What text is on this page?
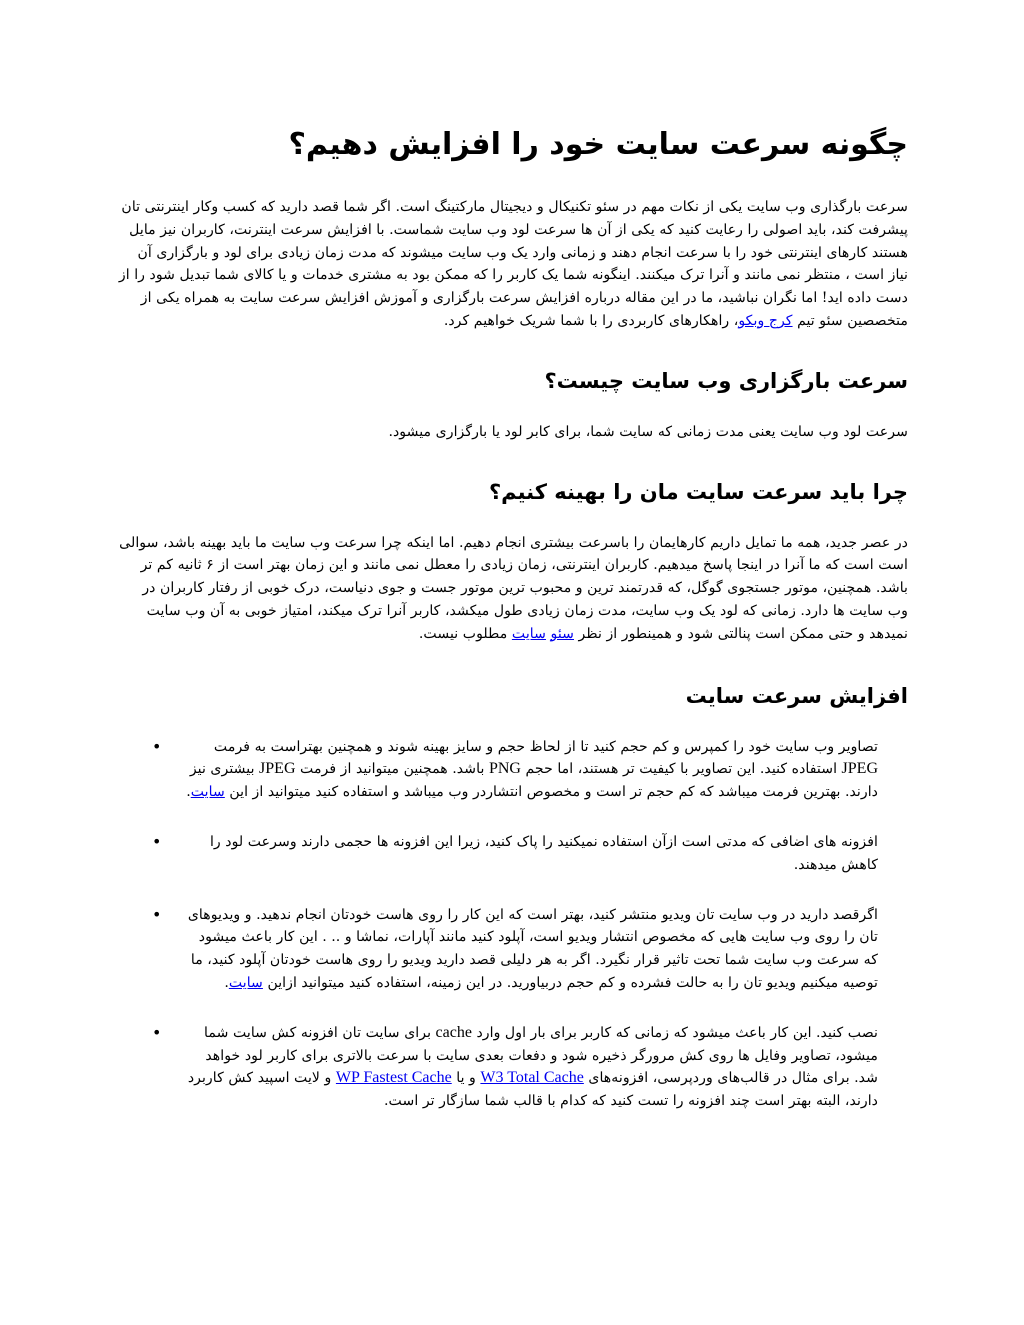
چگونه سرعت سایت خود را افزایش دهیم؟

سرعت بارگذاری وب سایت یکی از نکات مهم در سئو تکنیکال و دیجیتال مارکتینگ است. اگر شما قصد دارید که کسب وکار اینترنتی تان پیشرفت کند، باید اصولی را رعایت کنید که یکی از آن ها سرعت لود وب سایت شماست. با افزایش سرعت اینترنت، کاربران نیز مایل هستند کارهای اینترنتی خود را با سرعت انجام دهند و زمانی وارد یک وب سایت میشوند که مدت زمان زیادی برای لود و بارگزاری آن نیاز است ، منتظر نمی مانند و آنرا ترک میکنند. اینگونه شما یک کاربر را که ممکن بود به مشتری خدمات و یا کالای شما تبدیل شود را از دست داده اید! اما نگران نباشید، ما در این مقاله درباره افزایش سرعت بارگزاری و آموزش افزایش سرعت سایت به همراه یکی از متخصصین سئو تیم کرج وبکو، راهکارهای کاربردی را با شما شریک خواهیم کرد.

سرعت بارگزاری وب سایت چیست؟

سرعت لود وب سایت یعنی مدت زمانی که سایت شما، برای کابر لود یا بارگزاری میشود.

چرا باید سرعت سایت مان را بهینه کنیم؟

در عصر جدید، همه ما تمایل داریم کارهایمان را باسرعت بیشتری انجام دهیم. اما اینکه چرا سرعت وب سایت ما باید بهینه باشد، سوالی است است که ما آنرا در اینجا پاسخ میدهیم. کاربران اینترنتی، زمان زیادی را معطل نمی مانند و این زمان بهتر است از ۶ ثانیه کم تر باشد. همچنین، موتور جستجوی گوگل، که قدرتمند ترین و محبوب ترین موتور جست و جوی دنیاست، درک خوبی از رفتار کاربران در وب سایت ها دارد. زمانی که لود یک وب سایت، مدت زمان زیادی طول میکشد، کاربر آنرا ترک میکند، امتیاز خوبی به آن وب سایت نمیدهد و حتی ممکن است پنالتی شود و همینطور از نظر سئو سایت مطلوب نیست.

افزایش سرعت سایت
•	تصاویر وب سایت خود را کمپرس و کم حجم کنید تا از لحاظ حجم و سایز بهینه شوند و همچنین بهتراست به فرمت JPEG استفاده کنید. این تصاویر با کیفیت تر هستند، اما حجم PNG باشد. همچنین میتوانید از فرمت JPEG بیشتری نیز دارند. بهترین فرمت میباشد که کم حجم تر است و مخصوص انتشاردر وب میباشد و استفاده کنید میتوانید از این سایت.

•	افزونه های اضافی که مدتی است ازآن استفاده نمیکنید را پاک کنید، زیرا این افزونه ها حجمی دارند وسرعت لود را کاهش میدهند.

•	اگرقصد دارید در وب سایت تان ویدیو منتشر کنید، بهتر است که این کار را روی هاست خودتان انجام ندهید. و ویدیوهای تان را روی وب سایت هایی که مخصوص انتشار ویدیو است، آپلود کنید مانند آپارات، نماشا و .. . این کار باعث میشود که سرعت وب سایت شما تحت تاثیر قرار نگیرد. اگر به هر دلیلی قصد دارید ویدیو را روی هاست خودتان آپلود کنید، ما توصیه میکنیم ویدیو تان را به حالت فشرده و کم حجم دربیاورید. در این زمینه، استفاده کنید میتوانید ازاین سایت.

•	نصب کنید. این کار باعث میشود که زمانی که کاربر برای بار اول وارد cache برای سایت تان افزونه کش سایت شما میشود، تصاویر وفایل ها روی کش مرورگر ذخیره شود و دفعات بعدی سایت با سرعت بالاتری برای کاربر لود خواهد شد. برای مثال در قالب‌های وردپرسی، افزونه‌های W3 Total Cache و یا WP Fastest Cache و لایت اسپید کش کاربرد دارند، البته بهتر است چند افزونه را تست کنید که کدام با قالب شما سازگار تر است.
